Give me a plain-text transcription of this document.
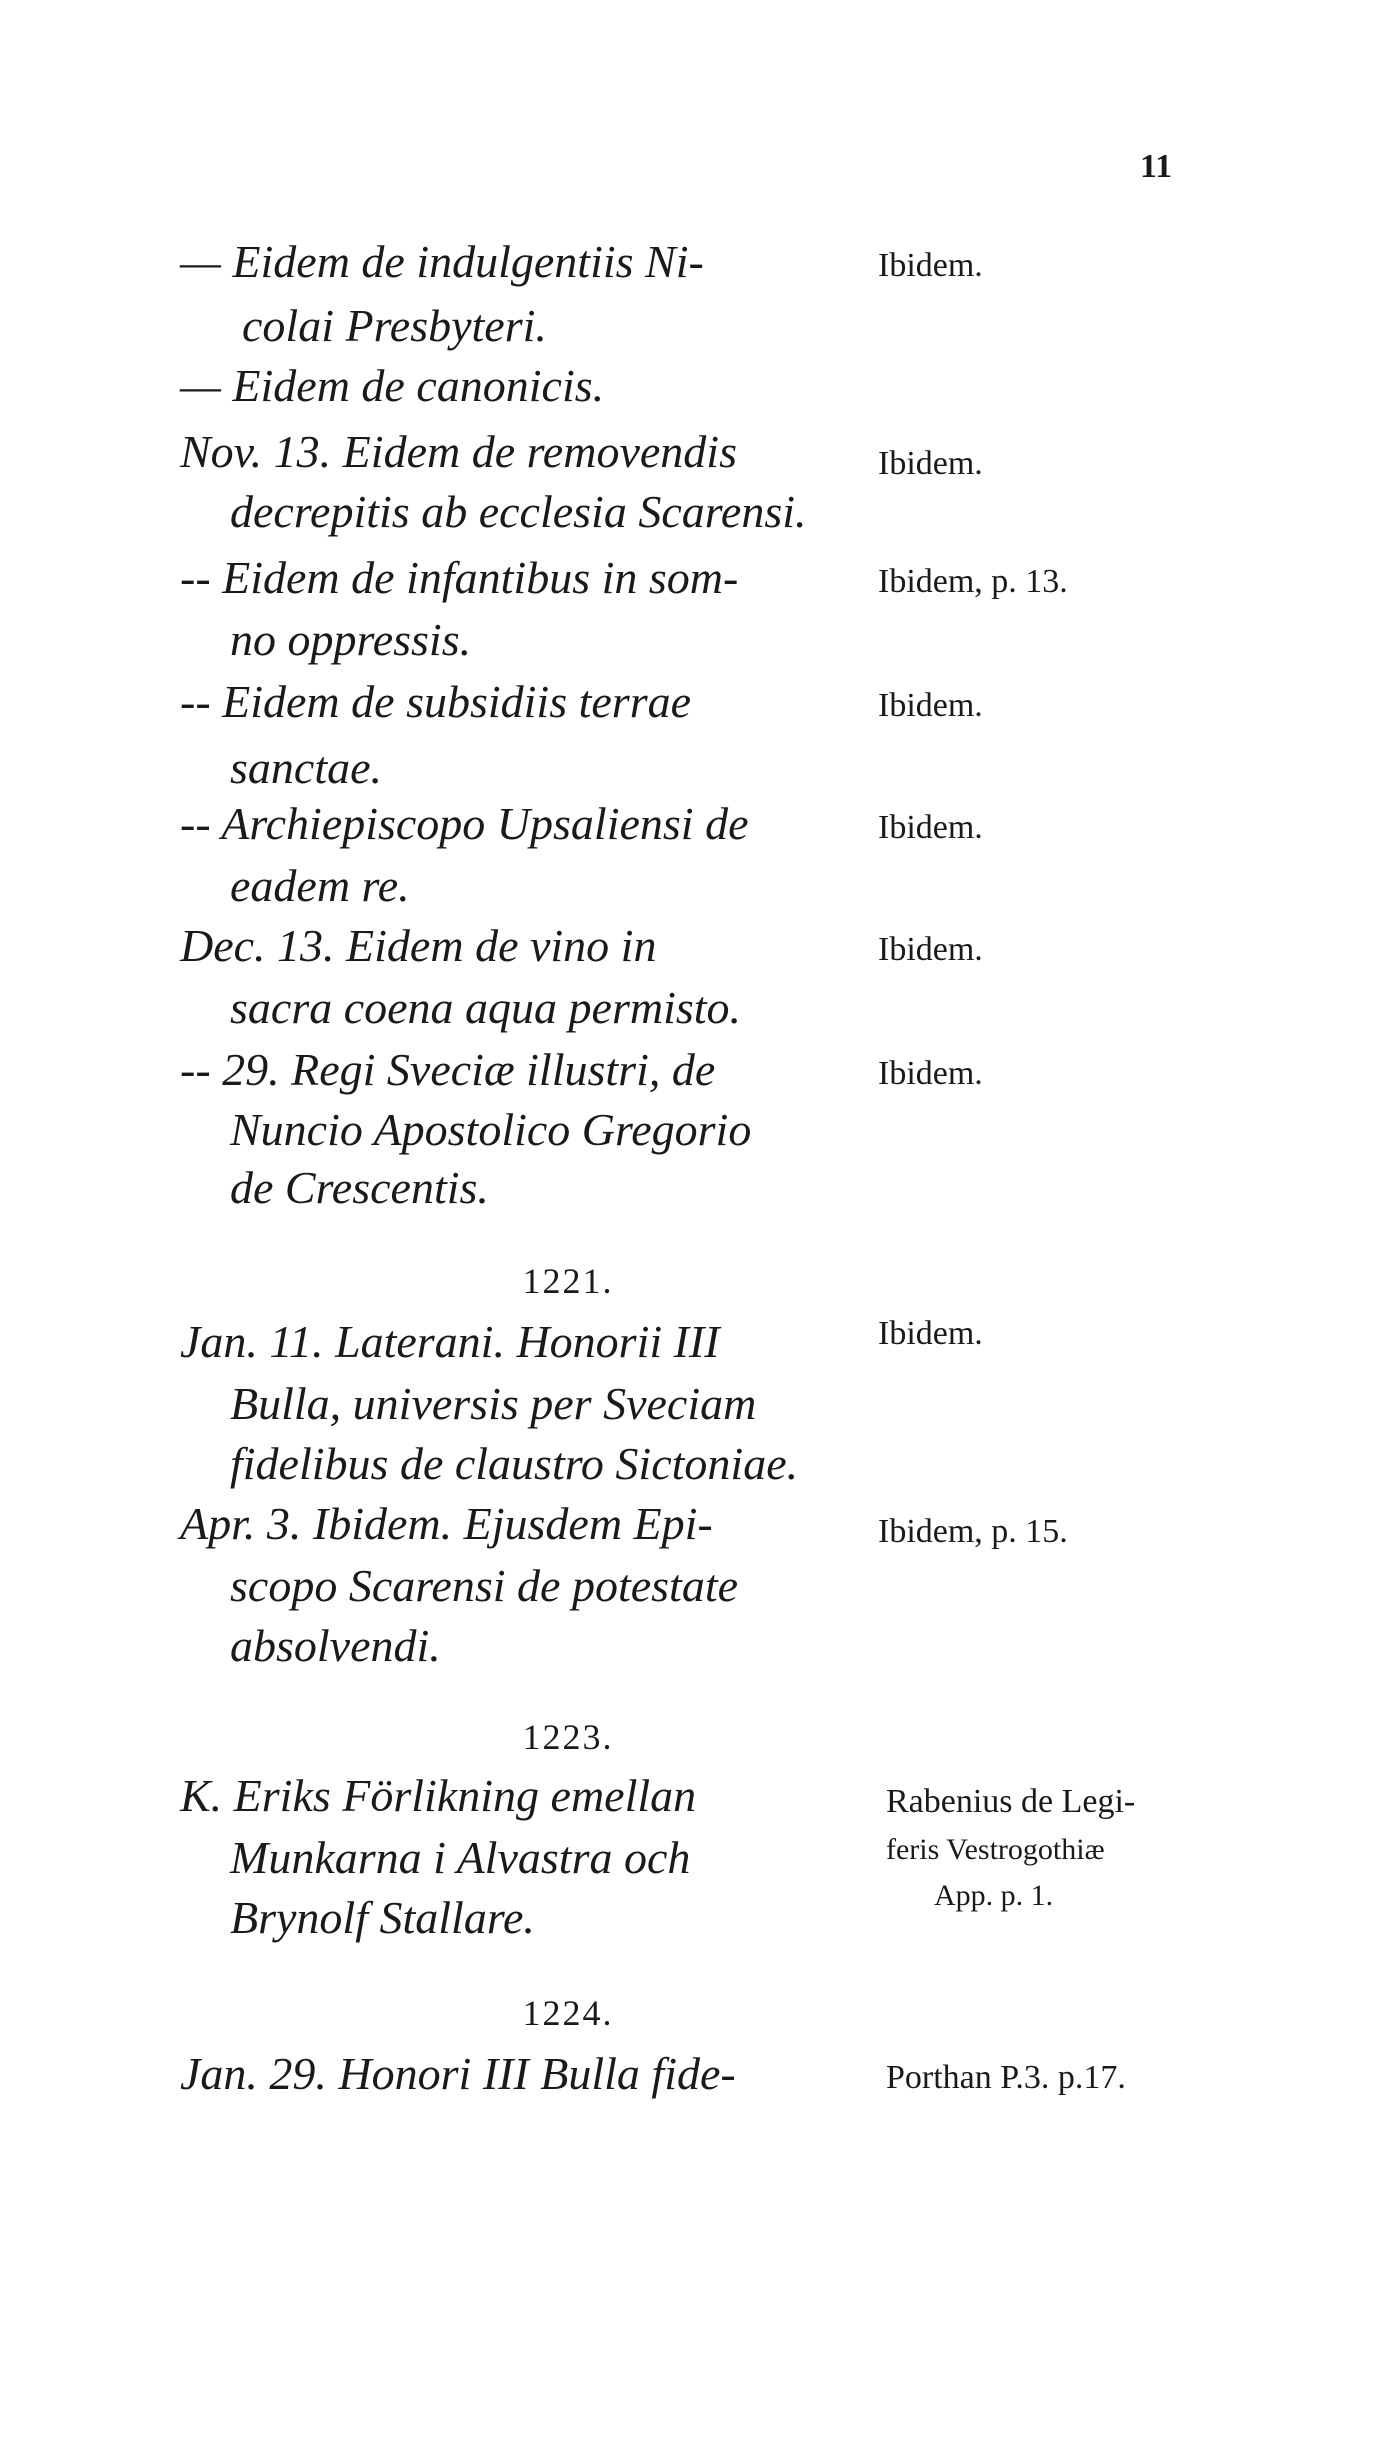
11
— Eidem de indulgentiis Ni-	Ibidem.
colai Presbyteri.
— Eidem de canonicis.
Nov. 13. Eidem de removendis	Ibidem.
decrepitis ab ecclesia Scarensi.
-- Eidem de infantibus in som-	Ibidem, p. 13.
no oppressis.
-- Eidem de subsidiis terrae	Ibidem.
sanctae.
-- Archiepiscopo Upsaliensi de	Ibidem.
eadem re.
Dec. 13. Eidem de vino in	Ibidem.
sacra coena aqua permisto.
-- 29. Regi Sveciæ illustri, de	Ibidem.
Nuncio Apostolico Gregorio
de Crescentis.
1221.
Jan. 11. Laterani. Honorii III	Ibidem.
Bulla, universis per Sveciam
fidelibus de claustro Sictoniae.
Apr. 3. Ibidem. Ejusdem Epi-	Ibidem, p. 15.
scopo Scarensi de potestate
absolvendi.
1223.
K. Eriks Förlikning emellan	Rabenius de Legi-
Munkarna i Alvastra och	feris Vestrogothiæ
Brynolf Stallare.	App. p. 1.
1224.
Jan. 29. Honori III Bulla fide-	Porthan P.3. p.17.
